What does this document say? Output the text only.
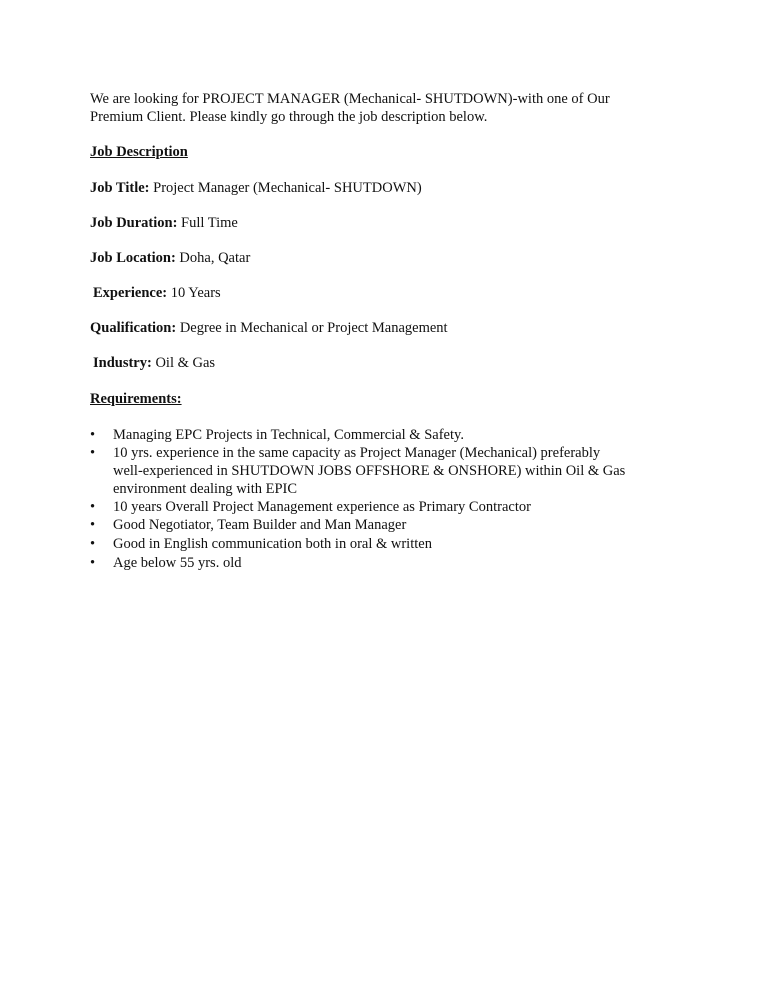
We are looking for PROJECT MANAGER (Mechanical- SHUTDOWN)-with one of Our
Premium Client. Please kindly go through the job description below.
Job Description
Job Title: Project Manager (Mechanical- SHUTDOWN)
Job Duration: Full Time
Job Location: Doha, Qatar
Experience: 10 Years
Qualification: Degree in Mechanical or Project Management
Industry: Oil & Gas
Requirements:
• Managing EPC Projects in Technical, Commercial & Safety.
• 10 yrs. experience in the same capacity as Project Manager (Mechanical) preferably
well-experienced in SHUTDOWN JOBS OFFSHORE & ONSHORE) within Oil & Gas
environment dealing with EPIC
• 10 years Overall Project Management experience as Primary Contractor
• Good Negotiator, Team Builder and Man Manager
• Good in English communication both in oral & written
• Age below 55 yrs. old
